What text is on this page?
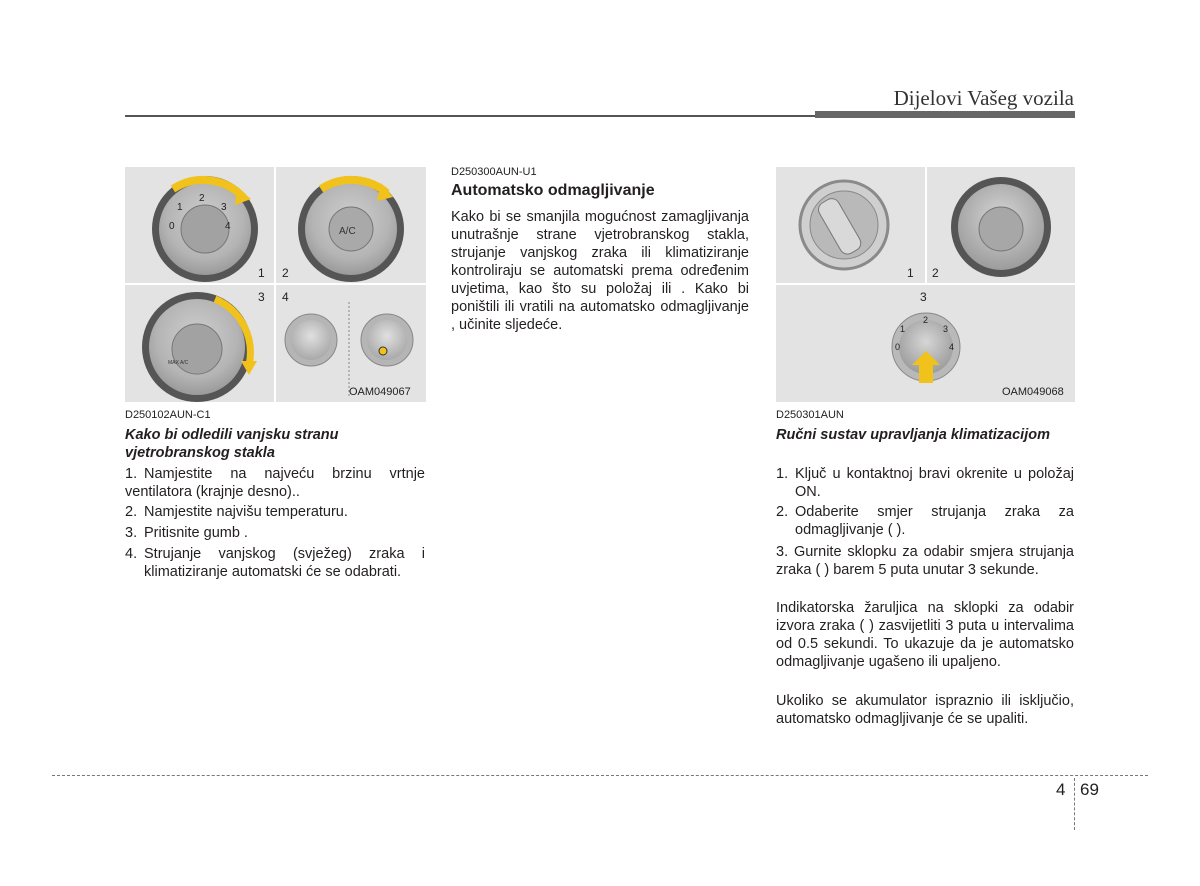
Dijelovi Vašeg vozila
1 2
3 4
1
2
3
4
0	A/C
MAX A/C
OAM049067
D250102AUN-C1
Kako bi odledili vanjsku stranu vjetrobranskog stakla
1. Namjestite na najveću brzinu vrtnje ventilatora (krajnje desno)..
2. Namjestite najvišu temperaturu.
3. Pritisnite gumb .
4. Strujanje vanjskog (svježeg) zraka i klimatiziranje automatski će se odabrati.
D250300AUN-U1
Automatsko odmagljivanje
Kako bi se smanjila mogućnost zamagljivanja unutrašnje strane vjetrobranskog stakla, strujanje vanjskog zraka ili klimatiziranje kontroliraju se automatski prema određenim uvjetima, kao što su položaj ili . Kako bi poništili ili vratili na automatsko odmagljivanje , učinite sljedeće.
1 2
3
1
2
3
4
0
OAM049068
D250301AUN
Ručni sustav upravljanja klimatizacijom
1. Ključ u kontaktnoj bravi okrenite u položaj ON.
2. Odaberite smjer strujanja zraka za odmagljivanje ( ).
3. Gurnite sklopku za odabir smjera strujanja zraka ( ) barem 5 puta unutar 3 sekunde.
Indikatorska žaruljica na sklopki za odabir izvora zraka ( ) zasvijetliti 3 puta u intervalima od 0.5 sekundi. To ukazuje da je automatsko odmagljivanje ugašeno ili upaljeno.
Ukoliko se akumulator ispraznio ili isključio, automatsko odmagljivanje će se upaliti.
4 69
